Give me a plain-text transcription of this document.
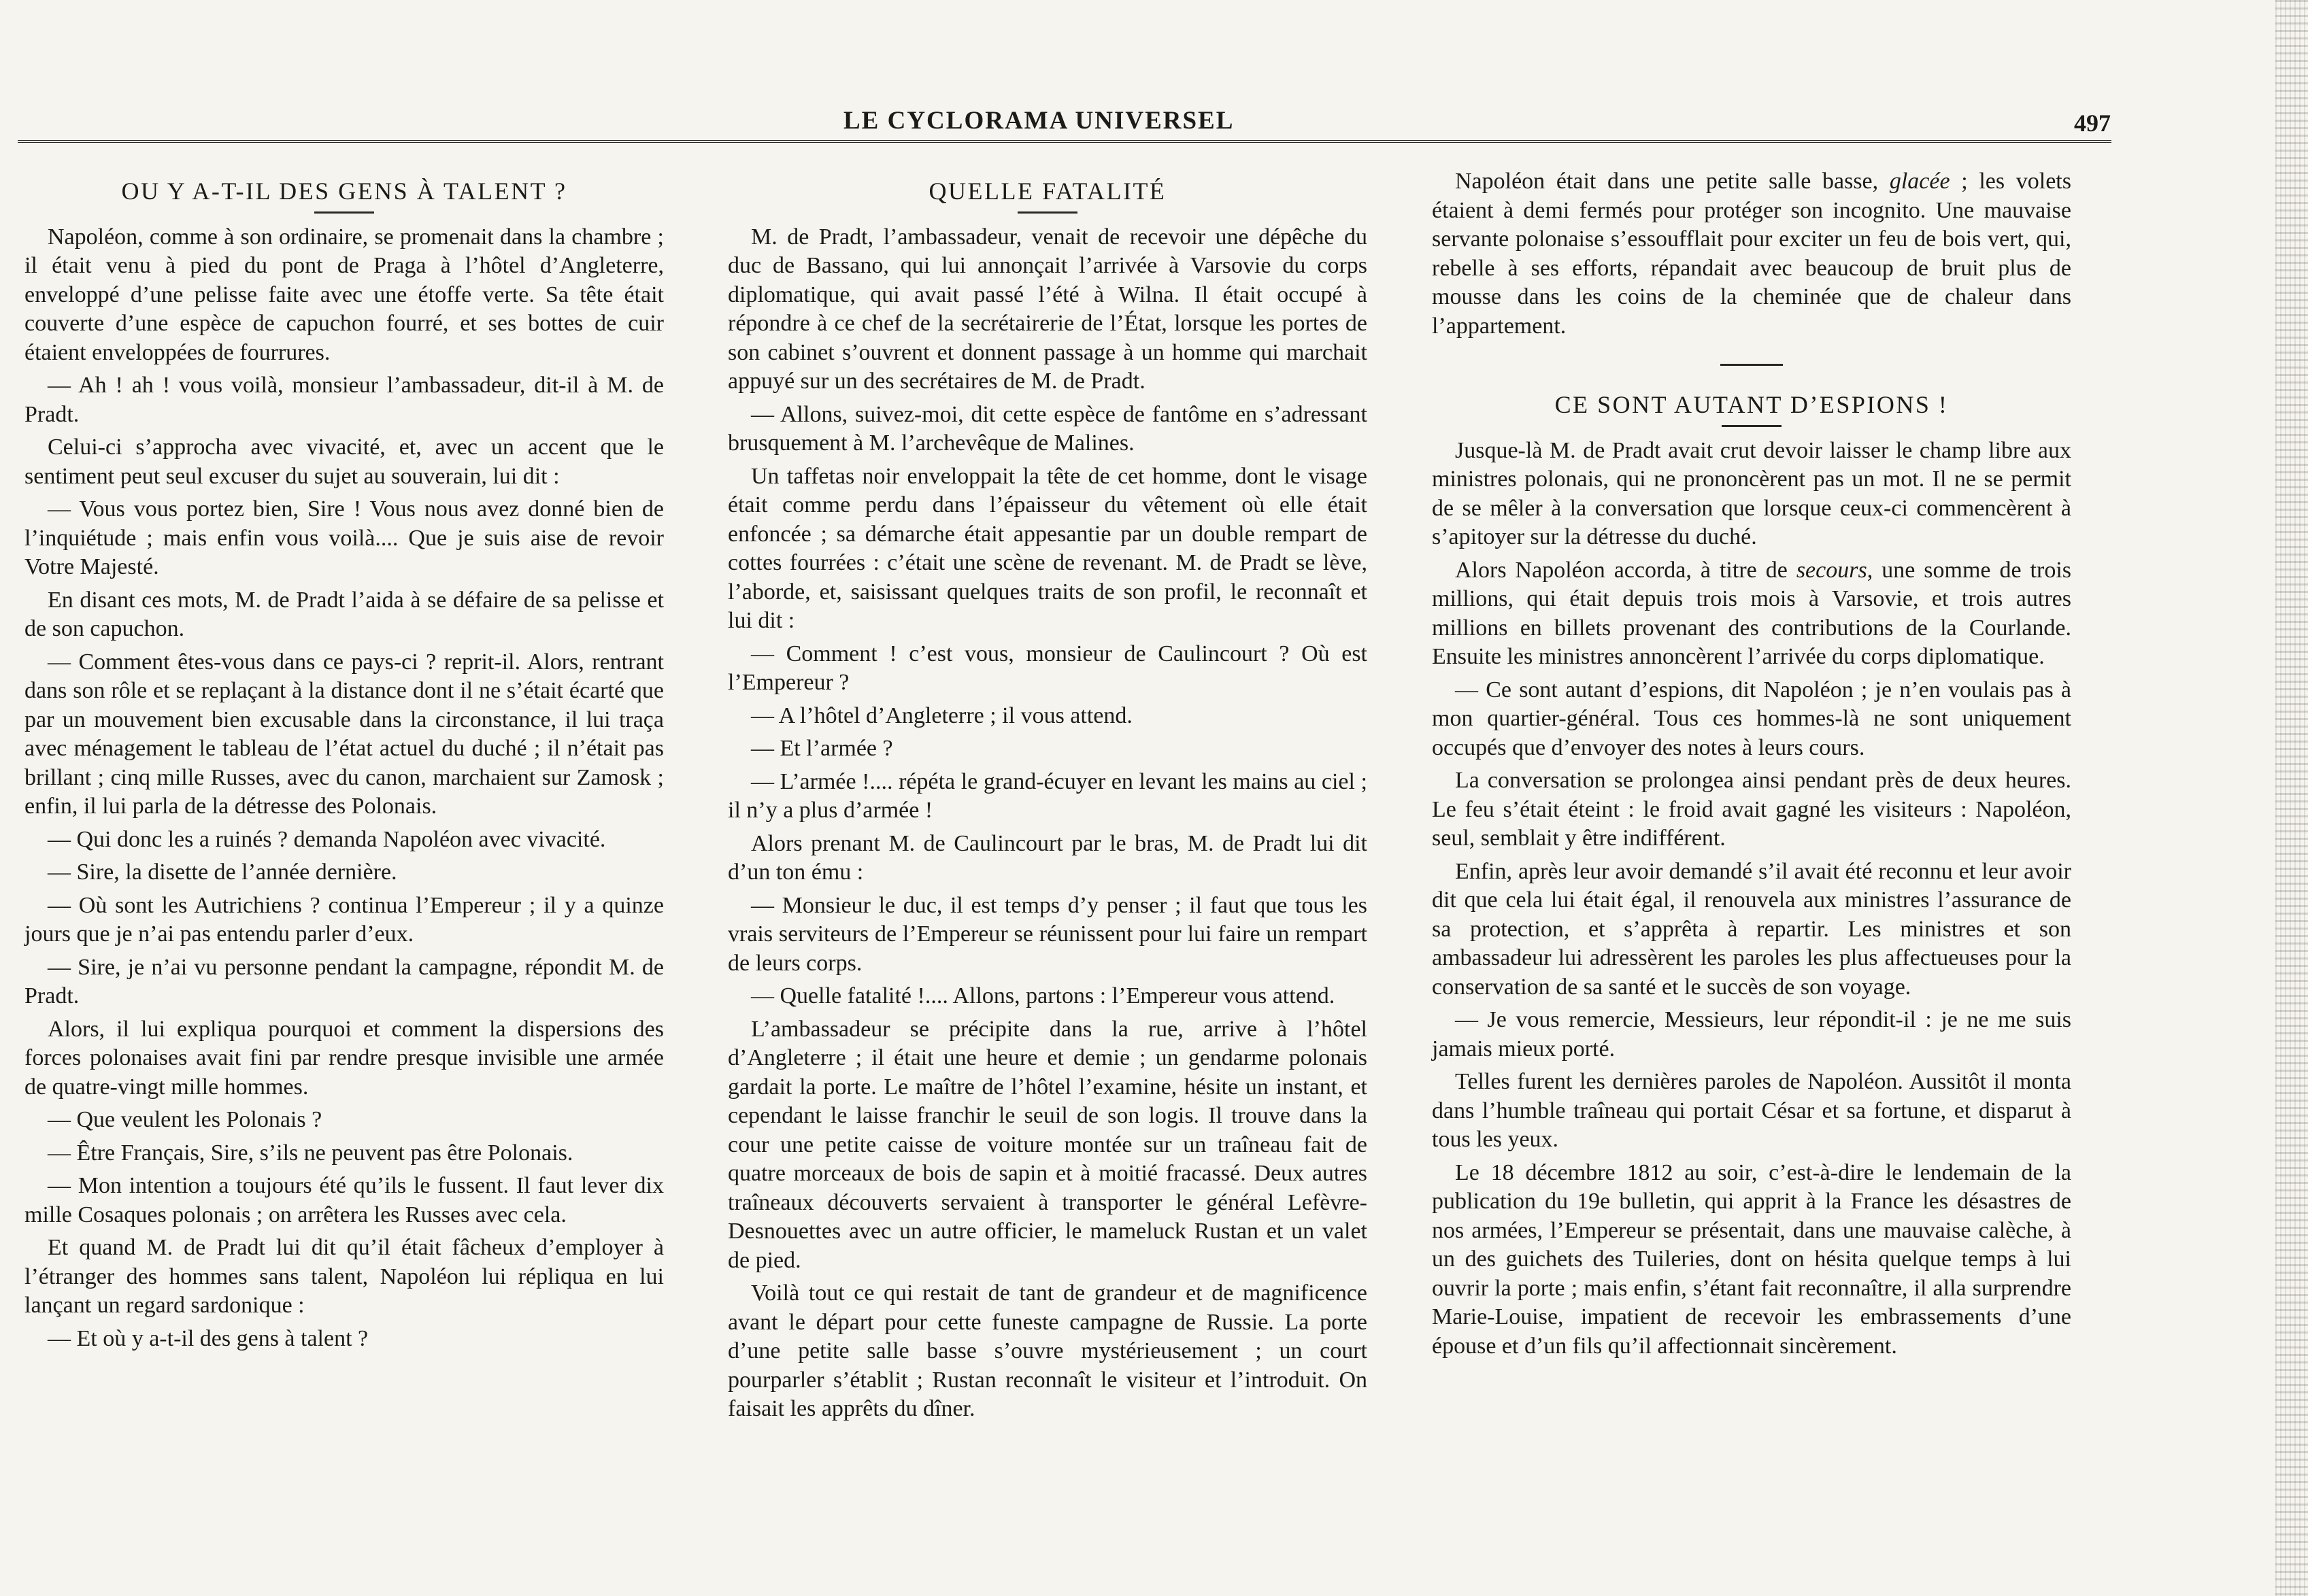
LE CYCLORAMA UNIVERSEL	497
OU Y A-T-IL DES GENS À TALENT ?

Napoléon, comme à son ordinaire, se promenait dans la chambre ; il était venu à pied du pont de Praga à l’hôtel d’Angleterre, enveloppé d’une pelisse faite avec une étoffe verte. Sa tête était couverte d’une espèce de capuchon fourré, et ses bottes de cuir étaient enveloppées de fourrures.

— Ah ! ah ! vous voilà, monsieur l’ambassadeur, dit-il à M. de Pradt.

Celui-ci s’approcha avec vivacité, et, avec un accent que le sentiment peut seul excuser du sujet au souverain, lui dit :

— Vous vous portez bien, Sire ! Vous nous avez donné bien de l’inquiétude ; mais enfin vous voilà.... Que je suis aise de revoir Votre Majesté.

En disant ces mots, M. de Pradt l’aida à se défaire de sa pelisse et de son capuchon.

— Comment êtes-vous dans ce pays-ci ? reprit-il. Alors, rentrant dans son rôle et se replaçant à la distance dont il ne s’était écarté que par un mouvement bien excusable dans la circonstance, il lui traça avec ménagement le tableau de l’état actuel du duché ; il n’était pas brillant ; cinq mille Russes, avec du canon, marchaient sur Zamosk ; enfin, il lui parla de la détresse des Polonais.

— Qui donc les a ruinés ? demanda Napoléon avec vivacité.

— Sire, la disette de l’année dernière.

— Où sont les Autrichiens ? continua l’Empereur ; il y a quinze jours que je n’ai pas entendu parler d’eux.

— Sire, je n’ai vu personne pendant la campagne, répondit M. de Pradt.

Alors, il lui expliqua pourquoi et comment la dispersions des forces polonaises avait fini par rendre presque invisible une armée de quatre-vingt mille hommes.

— Que veulent les Polonais ?

— Être Français, Sire, s’ils ne peuvent pas être Polonais.

— Mon intention a toujours été qu’ils le fussent. Il faut lever dix mille Cosaques polonais ; on arrêtera les Russes avec cela.

Et quand M. de Pradt lui dit qu’il était fâcheux d’employer à l’étranger des hommes sans talent, Napoléon lui répliqua en lui lançant un regard sardonique :

— Et où y a-t-il des gens à talent ?

QUELLE FATALITÉ

M. de Pradt, l’ambassadeur, venait de recevoir une dépêche du duc de Bassano, qui lui annonçait l’arrivée à Varsovie du corps diplomatique, qui avait passé l’été à Wilna. Il était occupé à répondre à ce chef de la secrétairerie de l’État, lorsque les portes de son cabinet s’ouvrent et donnent passage à un homme qui marchait appuyé sur un des secrétaires de M. de Pradt.

— Allons, suivez-moi, dit cette espèce de fantôme en s’adressant brusquement à M. l’archevêque de Malines.

Un taffetas noir enveloppait la tête de cet homme, dont le visage était comme perdu dans l’épaisseur du vêtement où elle était enfoncée ; sa démarche était appesantie par un double rempart de cottes fourrées : c’était une scène de revenant. M. de Pradt se lève, l’aborde, et, saisissant quelques traits de son profil, le reconnaît et lui dit :

— Comment ! c’est vous, monsieur de Caulincourt ? Où est l’Empereur ?

— A l’hôtel d’Angleterre ; il vous attend.

— Et l’armée ?

— L’armée !.... répéta le grand-écuyer en levant les mains au ciel ; il n’y a plus d’armée !

Alors prenant M. de Caulincourt par le bras, M. de Pradt lui dit d’un ton ému :

— Monsieur le duc, il est temps d’y penser ; il faut que tous les vrais serviteurs de l’Empereur se réunissent pour lui faire un rempart de leurs corps.

— Quelle fatalité !.... Allons, partons : l’Empereur vous attend.

L’ambassadeur se précipite dans la rue, arrive à l’hôtel d’Angleterre ; il était une heure et demie ; un gendarme polonais gardait la porte. Le maître de l’hôtel l’examine, hésite un instant, et cependant le laisse franchir le seuil de son logis. Il trouve dans la cour une petite caisse de voiture montée sur un traîneau fait de quatre morceaux de bois de sapin et à moitié fracassé. Deux autres traîneaux découverts servaient à transporter le général Lefèvre-Desnouettes avec un autre officier, le mameluck Rustan et un valet de pied.

Voilà tout ce qui restait de tant de grandeur et de magnificence avant le départ pour cette funeste campagne de Russie. La porte d’une petite salle basse s’ouvre mystérieusement ; un court pourparler s’établit ; Rustan reconnaît le visiteur et l’introduit. On faisait les apprêts du dîner.

Napoléon était dans une petite salle basse, glacée ; les volets étaient à demi fermés pour protéger son incognito. Une mauvaise servante polonaise s’essoufflait pour exciter un feu de bois vert, qui, rebelle à ses efforts, répandait avec beaucoup de bruit plus de mousse dans les coins de la cheminée que de chaleur dans l’appartement.

CE SONT AUTANT D’ESPIONS !

Jusque-là M. de Pradt avait crut devoir laisser le champ libre aux ministres polonais, qui ne prononcèrent pas un mot. Il ne se permit de se mêler à la conversation que lorsque ceux-ci commencèrent à s’apitoyer sur la détresse du duché.

Alors Napoléon accorda, à titre de secours, une somme de trois millions, qui était depuis trois mois à Varsovie, et trois autres millions en billets provenant des contributions de la Courlande. Ensuite les ministres annoncèrent l’arrivée du corps diplomatique.

— Ce sont autant d’espions, dit Napoléon ; je n’en voulais pas à mon quartier-général. Tous ces hommes-là ne sont uniquement occupés que d’envoyer des notes à leurs cours.

La conversation se prolongea ainsi pendant près de deux heures. Le feu s’était éteint : le froid avait gagné les visiteurs : Napoléon, seul, semblait y être indifférent.

Enfin, après leur avoir demandé s’il avait été reconnu et leur avoir dit que cela lui était égal, il renouvela aux ministres l’assurance de sa protection, et s’apprêta à repartir. Les ministres et son ambassadeur lui adressèrent les paroles les plus affectueuses pour la conservation de sa santé et le succès de son voyage.

— Je vous remercie, Messieurs, leur répondit-il : je ne me suis jamais mieux porté.

Telles furent les dernières paroles de Napoléon. Aussitôt il monta dans l’humble traîneau qui portait César et sa fortune, et disparut à tous les yeux.

Le 18 décembre 1812 au soir, c’est-à-dire le lendemain de la publication du 19e bulletin, qui apprit à la France les désastres de nos armées, l’Empereur se présentait, dans une mauvaise calèche, à un des guichets des Tuileries, dont on hésita quelque temps à lui ouvrir la porte ; mais enfin, s’étant fait reconnaître, il alla surprendre Marie-Louise, impatient de recevoir les embrassements d’une épouse et d’un fils qu’il affectionnait sincèrement.
